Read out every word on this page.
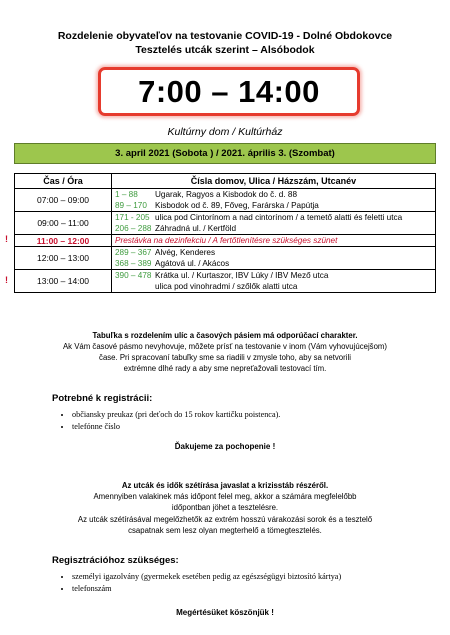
Rozdelenie obyvateľov na testovanie COVID-19 - Dolné Obdokovce
Tesztelés utcák szerint – Alsóbodok
7:00 – 14:00
Kultúrny dom / Kultúrház
3. april 2021 (Sobota ) / 2021. április 3. (Szombat)
Čas / Óra	Čísla domov, Ulica / Házszám, Utcanév
07:00 – 09:00	1 – 88 Ugarak, Ragyos a Kisbodok do č. d. 88
89 – 170 Kisbodok od č. 89, Főveg, Farárska / Papútja

09:00 – 11:00	171 - 205 ulica pod Cintorínom a nad cintorínom / a temető alatti és feletti utca
206 – 288 Záhradná ul. / Kertföld

11:00 – 12:00	Prestávka na dezinfekciu / A fertőtlenítésre szükséges szünet

12:00 – 13:00	289 – 367 Alvég, Kenderes
368 – 389 Agátová ul. / Akácos

13:00 – 14:00	390 – 478 Krátka ul. / Kurtaszor, IBV Lúky / IBV Mező utca
ulica pod vinohradmi / szőlők alatti utca
!
!
Tabuľka s rozdelením ulíc a časových pásiem má odporúčací charakter.
Ak Vám časové pásmo nevyhovuje, môžete prísť na testovanie v inom (Vám vyhovujúcejšom)
čase. Pri spracovaní tabuľky sme sa riadili v zmysle toho, aby sa netvorili
extrémne dlhé rady a aby sme nepreťažovali testovací tím.
Potrebné k registrácii:
• občiansky preukaz (pri deťoch do 15 rokov kartičku poistenca).
• telefónne číslo
Ďakujeme za pochopenie !
Az utcák és idők szétírása javaslat a krizisstáb részéről.
Amennyiben valakinek más időpont felel meg, akkor a számára megfelelőbb
időpontban jöhet a tesztelésre.
Az utcák szétírásával megelőzhetők az extrém hosszú várakozási sorok és a tesztelő
csapatnak sem lesz olyan megterhelő a tömegtesztelés.
Regisztrációhoz szükséges:
• személyi igazolvány (gyermekek esetében pedig az egészségügyi biztosító kártya)
• telefonszám
Megértésüket köszönjük !
